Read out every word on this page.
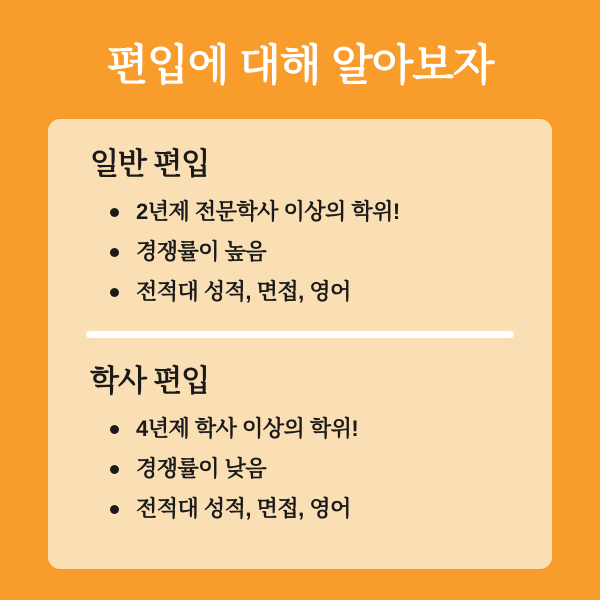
편입에 대해 알아보자
일반 편입
2년제 전문학사 이상의 학위!
경쟁률이 높음
전적대 성적, 면접, 영어
학사 편입
4년제 학사 이상의 학위!
경쟁률이 낮음
전적대 성적, 면접, 영어
